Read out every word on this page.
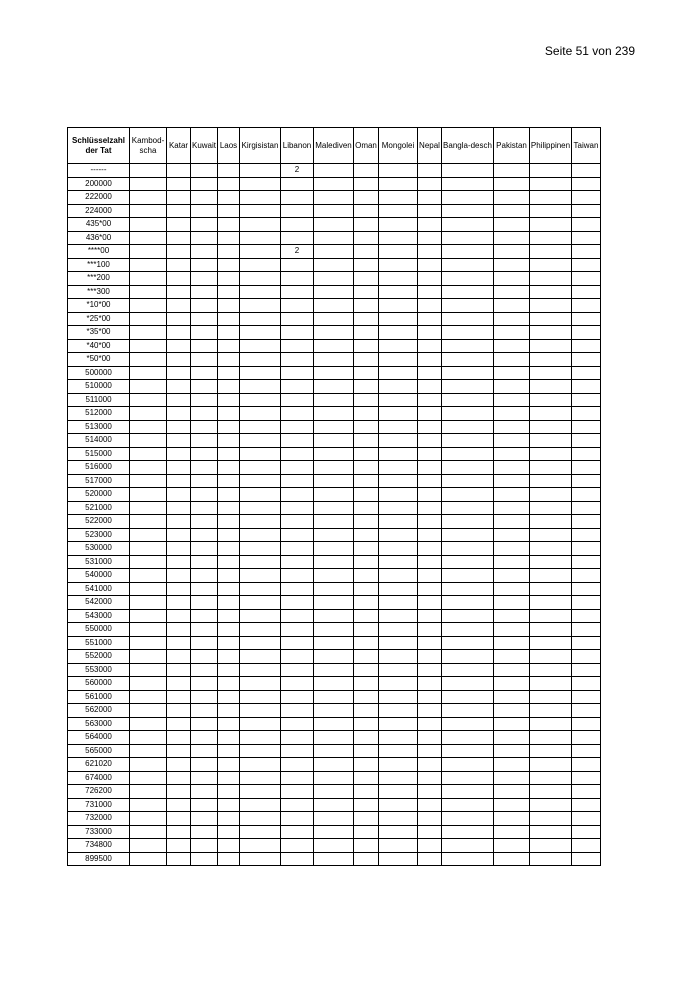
Seite 51 von 239
Schlüsselzahl der Tat	Kambod-scha	Katar	Kuwait	Laos	Kirgisistan	Libanon	Malediven	Oman	Mongolei	Nepal	Bangla-desch	Pakistan	Philippinen	Taiwan
------						2								
200000														
222000														
224000														
435*00														
436*00														
****00						2								
***100														
***200														
***300														
*10*00														
*25*00														
*35*00														
*40*00														
*50*00														
500000														
510000														
511000														
512000														
513000														
514000														
515000														
516000														
517000														
520000														
521000														
522000														
523000														
530000														
531000														
540000														
541000														
542000														
543000														
550000														
551000														
552000														
553000														
560000														
561000														
562000														
563000														
564000														
565000														
621020														
674000														
726200														
731000														
732000														
733000														
734800														
899500														
